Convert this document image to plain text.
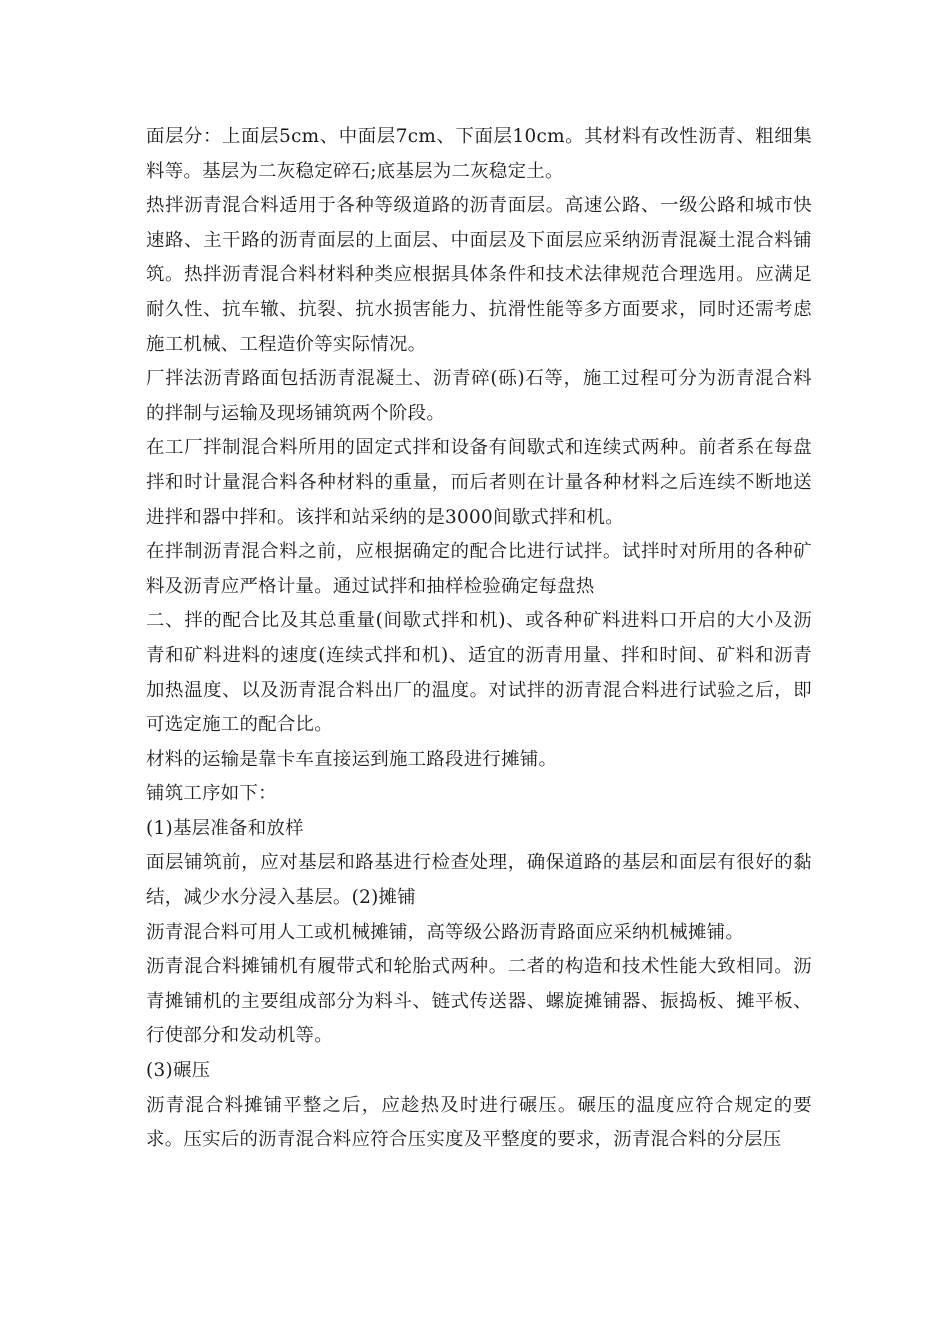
面层分：上面层5cm、中面层7cm、下面层10cm。其材料有改性沥青、粗细集料等。基层为二灰稳定碎石;底基层为二灰稳定土。

热拌沥青混合料适用于各种等级道路的沥青面层。高速公路、一级公路和城市快速路、主干路的沥青面层的上面层、中面层及下面层应采纳沥青混凝土混合料铺筑。热拌沥青混合料材料种类应根据具体条件和技术法律规范合理选用。应满足耐久性、抗车辙、抗裂、抗水损害能力、抗滑性能等多方面要求，同时还需考虑施工机械、工程造价等实际情况。

厂拌法沥青路面包括沥青混凝土、沥青碎(砾)石等，施工过程可分为沥青混合料的拌制与运输及现场铺筑两个阶段。

在工厂拌制混合料所用的固定式拌和设备有间歇式和连续式两种。前者系在每盘拌和时计量混合料各种材料的重量，而后者则在计量各种材料之后连续不断地送进拌和器中拌和。该拌和站采纳的是3000间歇式拌和机。

在拌制沥青混合料之前，应根据确定的配合比进行试拌。试拌时对所用的各种矿料及沥青应严格计量。通过试拌和抽样检验确定每盘热

二、拌的配合比及其总重量(间歇式拌和机)、或各种矿料进料口开启的大小及沥青和矿料进料的速度(连续式拌和机)、适宜的沥青用量、拌和时间、矿料和沥青加热温度、以及沥青混合料出厂的温度。对试拌的沥青混合料进行试验之后，即可选定施工的配合比。

材料的运输是靠卡车直接运到施工路段进行摊铺。

铺筑工序如下：

(1)基层准备和放样

面层铺筑前，应对基层和路基进行检查处理，确保道路的基层和面层有很好的黏结，减少水分浸入基层。(2)摊铺

沥青混合料可用人工或机械摊铺，高等级公路沥青路面应采纳机械摊铺。

沥青混合料摊铺机有履带式和轮胎式两种。二者的构造和技术性能大致相同。沥青摊铺机的主要组成部分为料斗、链式传送器、螺旋摊铺器、振捣板、摊平板、行使部分和发动机等。

(3)碾压

沥青混合料摊铺平整之后，应趁热及时进行碾压。碾压的温度应符合规定的要求。压实后的沥青混合料应符合压实度及平整度的要求，沥青混合料的分层压
